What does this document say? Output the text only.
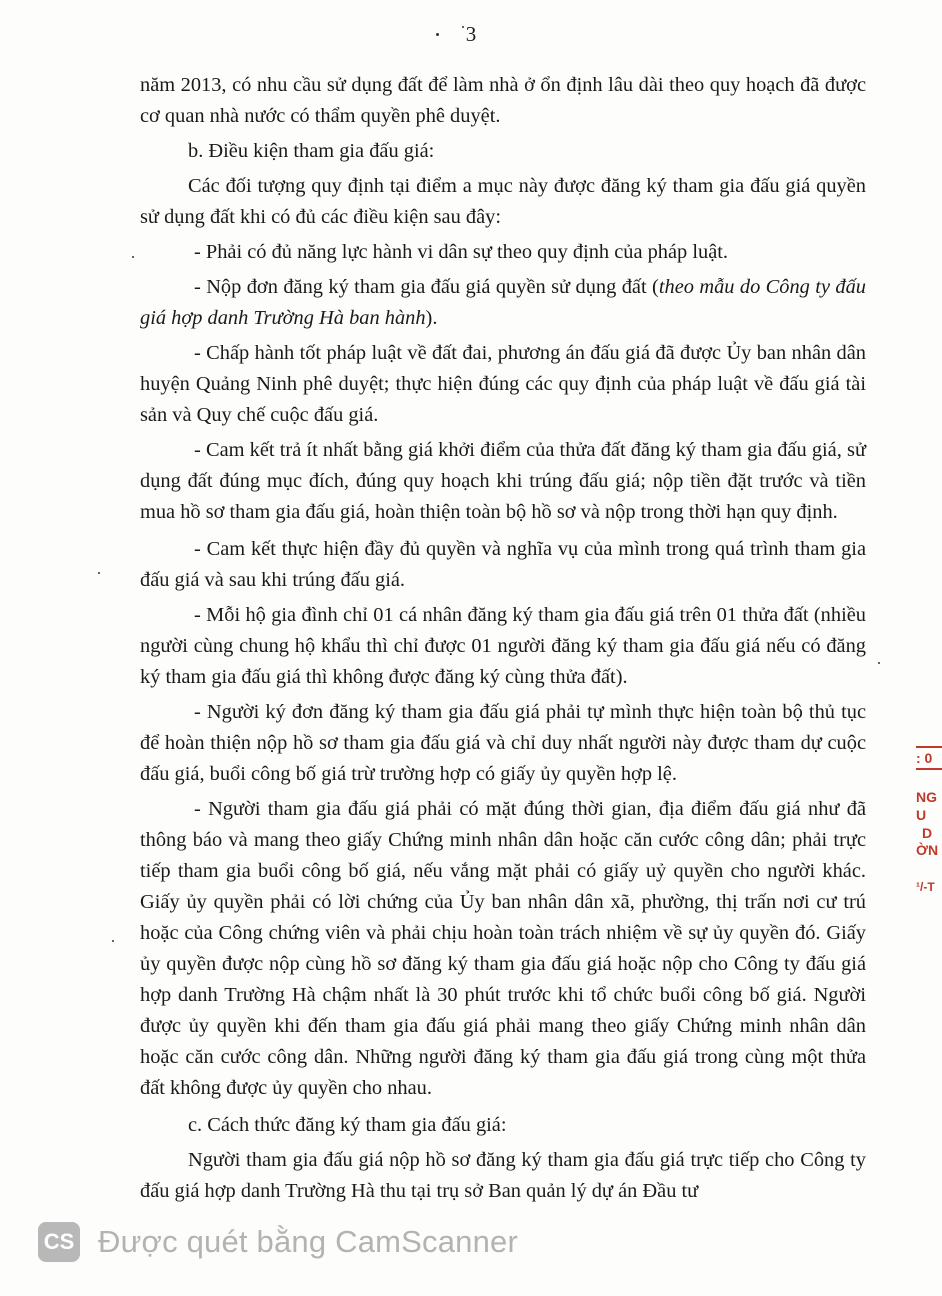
3

năm 2013, có nhu cầu sử dụng đất để làm nhà ở ổn định lâu dài theo quy hoạch đã được cơ quan nhà nước có thẩm quyền phê duyệt.

b. Điều kiện tham gia đấu giá:

Các đối tượng quy định tại điểm a mục này được đăng ký tham gia đấu giá quyền sử dụng đất khi có đủ các điều kiện sau đây:

- Phải có đủ năng lực hành vi dân sự theo quy định của pháp luật.

- Nộp đơn đăng ký tham gia đấu giá quyền sử dụng đất (theo mẫu do Công ty đấu giá hợp danh Trường Hà ban hành).

- Chấp hành tốt pháp luật về đất đai, phương án đấu giá đã được Ủy ban nhân dân huyện Quảng Ninh phê duyệt; thực hiện đúng các quy định của pháp luật về đấu giá tài sản và Quy chế cuộc đấu giá.

- Cam kết trả ít nhất bằng giá khởi điểm của thửa đất đăng ký tham gia đấu giá, sử dụng đất đúng mục đích, đúng quy hoạch khi trúng đấu giá; nộp tiền đặt trước và tiền mua hồ sơ tham gia đấu giá, hoàn thiện toàn bộ hồ sơ và nộp trong thời hạn quy định.

- Cam kết thực hiện đầy đủ quyền và nghĩa vụ của mình trong quá trình tham gia đấu giá và sau khi trúng đấu giá.

- Mỗi hộ gia đình chỉ 01 cá nhân đăng ký tham gia đấu giá trên 01 thửa đất (nhiều người cùng chung hộ khẩu thì chỉ được 01 người đăng ký tham gia đấu giá nếu có đăng ký tham gia đấu giá thì không được đăng ký cùng thửa đất).

- Người ký đơn đăng ký tham gia đấu giá phải tự mình thực hiện toàn bộ thủ tục để hoàn thiện nộp hồ sơ tham gia đấu giá và chỉ duy nhất người này được tham dự cuộc đấu giá, buổi công bố giá trừ trường hợp có giấy ủy quyền hợp lệ.

- Người tham gia đấu giá phải có mặt đúng thời gian, địa điểm đấu giá như đã thông báo và mang theo giấy Chứng minh nhân dân hoặc căn cước công dân; phải trực tiếp tham gia buổi công bố giá, nếu vắng mặt phải có giấy uỷ quyền cho người khác. Giấy ủy quyền phải có lời chứng của Ủy ban nhân dân xã, phường, thị trấn nơi cư trú hoặc của Công chứng viên và phải chịu hoàn toàn trách nhiệm về sự ủy quyền đó. Giấy ủy quyền được nộp cùng hồ sơ đăng ký tham gia đấu giá hoặc nộp cho Công ty đấu giá hợp danh Trường Hà chậm nhất là 30 phút trước khi tổ chức buổi công bố giá. Người được ủy quyền khi đến tham gia đấu giá phải mang theo giấy Chứng minh nhân dân hoặc căn cước công dân. Những người đăng ký tham gia đấu giá trong cùng một thửa đất không được ủy quyền cho nhau.

c. Cách thức đăng ký tham gia đấu giá:

Người tham gia đấu giá nộp hồ sơ đăng ký tham gia đấu giá trực tiếp cho Công ty đấu giá hợp danh Trường Hà thu tại trụ sở Ban quản lý dự án Đầu tư

: 0
NG
U
D
ỜN
¹/-T
CS Được quét bằng CamScanner
